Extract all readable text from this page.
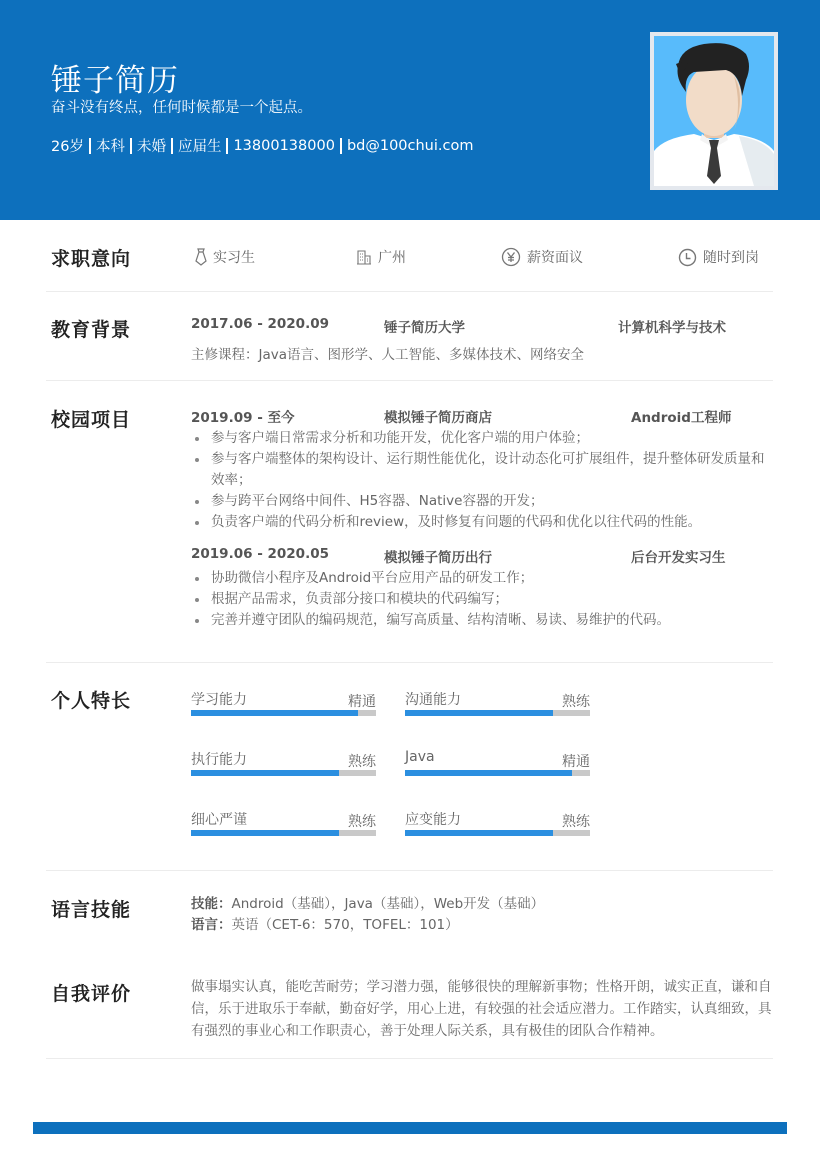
锤子简历
奋斗没有终点，任何时候都是一个起点。
26岁 本科 未婚 应届生 13800138000 bd@100chui.com
求职意向	实习生	广州	薪资面议	随时到岗
教育背景	2017.06 - 2020.09	锤子简历大学	计算机科学与技术
主修课程：Java语言、图形学、人工智能、多媒体技术、网络安全
校园项目	2019.09 - 至今	模拟锤子简历商店	Android工程师
参与客户端日常需求分析和功能开发，优化客户端的用户体验；
参与客户端整体的架构设计、运行期性能优化，设计动态化可扩展组件，提升整体研发质量和效率；
参与跨平台网络中间件、H5容器、Native容器的开发；
负责客户端的代码分析和review，及时修复有问题的代码和优化以往代码的性能。
2019.06 - 2020.05	模拟锤子简历出行	后台开发实习生
协助微信小程序及Android平台应用产品的研发工作；
根据产品需求，负责部分接口和模块的代码编写；
完善并遵守团队的编码规范，编写高质量、结构清晰、易读、易维护的代码。
个人特长	学习能力	精通 沟通能力	熟练
执行能力	熟练 Java	精通
细心严谨	熟练 应变能力	熟练
语言技能	技能：Android（基础），Java（基础），Web开发（基础）
语言：英语（CET-6：570，TOFEL：101）
自我评价	做事塌实认真，能吃苦耐劳；学习潜力强，能够很快的理解新事物；性格开朗，诚实正直，谦和自信，乐于进取乐于奉献，勤奋好学，用心上进，有较强的社会适应潜力。工作踏实，认真细致，具有强烈的事业心和工作职责心，善于处理人际关系，具有极佳的团队合作精神。
